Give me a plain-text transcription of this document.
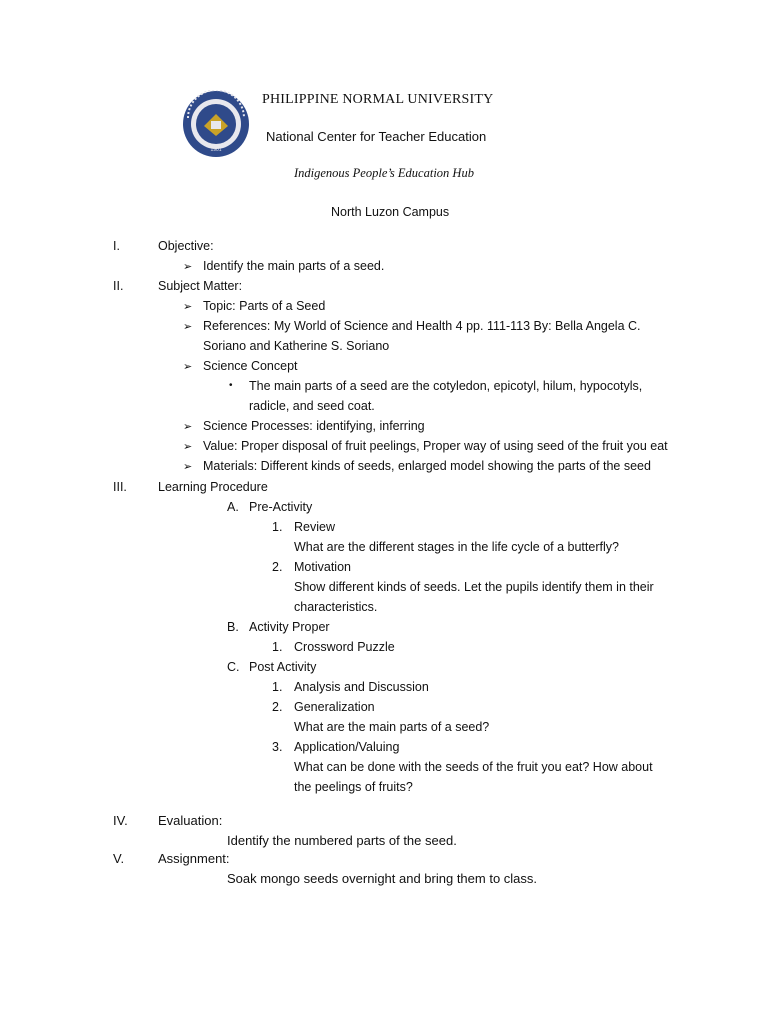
1901
PHILIPPINE NORMAL UNIVERSITY
National Center for Teacher Education
Indigenous People’s Education Hub
North Luzon Campus
I.	Objective:
➢ Identify the main parts of a seed.
II.	Subject Matter:
➢ Topic: Parts of a Seed
➢ References: My World of Science and Health 4 pp. 111-113 By: Bella Angela C.
Soriano and Katherine S. Soriano
➢ Science Concept
• The main parts of a seed are the cotyledon, epicotyl, hilum, hypocotyls,
radicle, and seed coat.
➢ Science Processes: identifying, inferring
➢ Value: Proper disposal of fruit peelings, Proper way of using seed of the fruit you eat
➢ Materials: Different kinds of seeds, enlarged model showing the parts of the seed
III. Learning Procedure
A. Pre-Activity
1. Review
What are the different stages in the life cycle of a butterfly?
2. Motivation
Show different kinds of seeds. Let the pupils identify them in their
characteristics.
B. Activity Proper
1. Crossword Puzzle
C. Post Activity
1. Analysis and Discussion
2. Generalization
What are the main parts of a seed?
3. Application/Valuing
What can be done with the seeds of the fruit you eat? How about
the peelings of fruits?
IV. Evaluation:
Identify the numbered parts of the seed.
V.	Assignment:
Soak mongo seeds overnight and bring them to class.
